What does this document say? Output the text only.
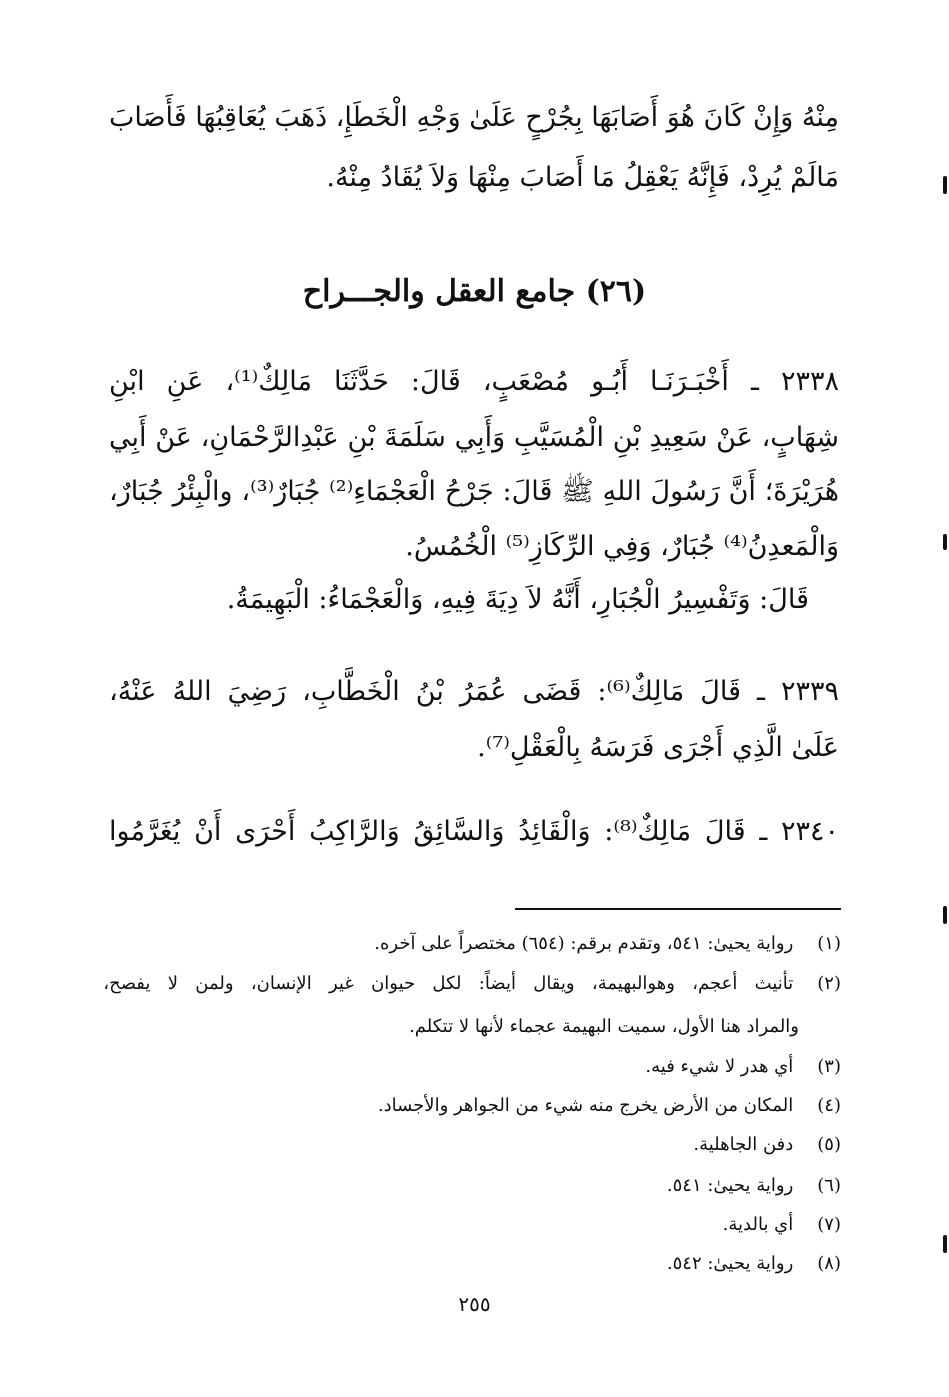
مِنْهُ وَإِنْ كَانَ هُوَ أَصَابَهَا بِجُرْحٍ عَلَىٰ وَجْهِ الْخَطَإِ، ذَهَبَ يُعَاقِبُهَا فَأَصَابَ
مَالَمْ يُرِدْ، فَإِنَّهُ يَعْقِلُ مَا أَصَابَ مِنْهَا وَلاَ يُقَادُ مِنْهُ.
(٢٦) جامع العقل والجـــراح
٢٣٣٨ ـ أَخْبَـرَنَـا أَبُـو مُصْعَبٍ، قَالَ: حَدَّثَنَا مَالِكٌ⁽¹⁾، عَنِ ابْنِ
شِهَابٍ، عَنْ سَعِيدِ بْنِ الْمُسَيَّبِ وَأَبِي سَلَمَةَ بْنِ عَبْدِالرَّحْمَانِ، عَنْ أَبِي
هُرَيْرَةَ؛ أَنَّ رَسُولَ اللهِ ﷺ قَالَ: جَرْحُ الْعَجْمَاءِ⁽²⁾ جُبَارٌ⁽³⁾، والْبِئْرُ جُبَارٌ،
وَالْمَعدِنُ⁽⁴⁾ جُبَارٌ، وَفِي الرِّكَازِ⁽⁵⁾ الْخُمُسُ.
قَالَ: وَتَفْسِيرُ الْجُبَارِ، أَنَّهُ لاَ دِيَةَ فِيهِ، وَالْعَجْمَاءُ: الْبَهِيمَةُ.
٢٣٣٩ ـ قَالَ مَالِكٌ⁽⁶⁾: قَضَى عُمَرُ بْنُ الْخَطَّابِ، رَضِيَ اللهُ عَنْهُ،
عَلَىٰ الَّذِي أَجْرَى فَرَسَهُ بِالْعَقْلِ⁽⁷⁾.
٢٣٤٠ ـ قَالَ مَالِكٌ⁽⁸⁾: وَالْقَائِدُ وَالسَّائِقُ وَالرَّاكِبُ أَحْرَى أَنْ يُغَرَّمُوا
(١) رواية يحيىٰ: ٥٤١، وتقدم برقم: (٦٥٤) مختصراً على آخره.
(٢) تأنيث أعجم، وهوالبهيمة، ويقال أيضاً: لكل حيوان غير الإنسان، ولمن لا يفصح،
والمراد هنا الأول، سميت البهيمة عجماء لأنها لا تتكلم.
(٣) أي هدر لا شيء فيه.
(٤) المكان من الأرض يخرج منه شيء من الجواهر والأجساد.
(٥) دفن الجاهلية.
(٦) رواية يحيىٰ: ٥٤١.
(٧) أي بالدية.
(٨) رواية يحيىٰ: ٥٤٢.
٢٥٥
